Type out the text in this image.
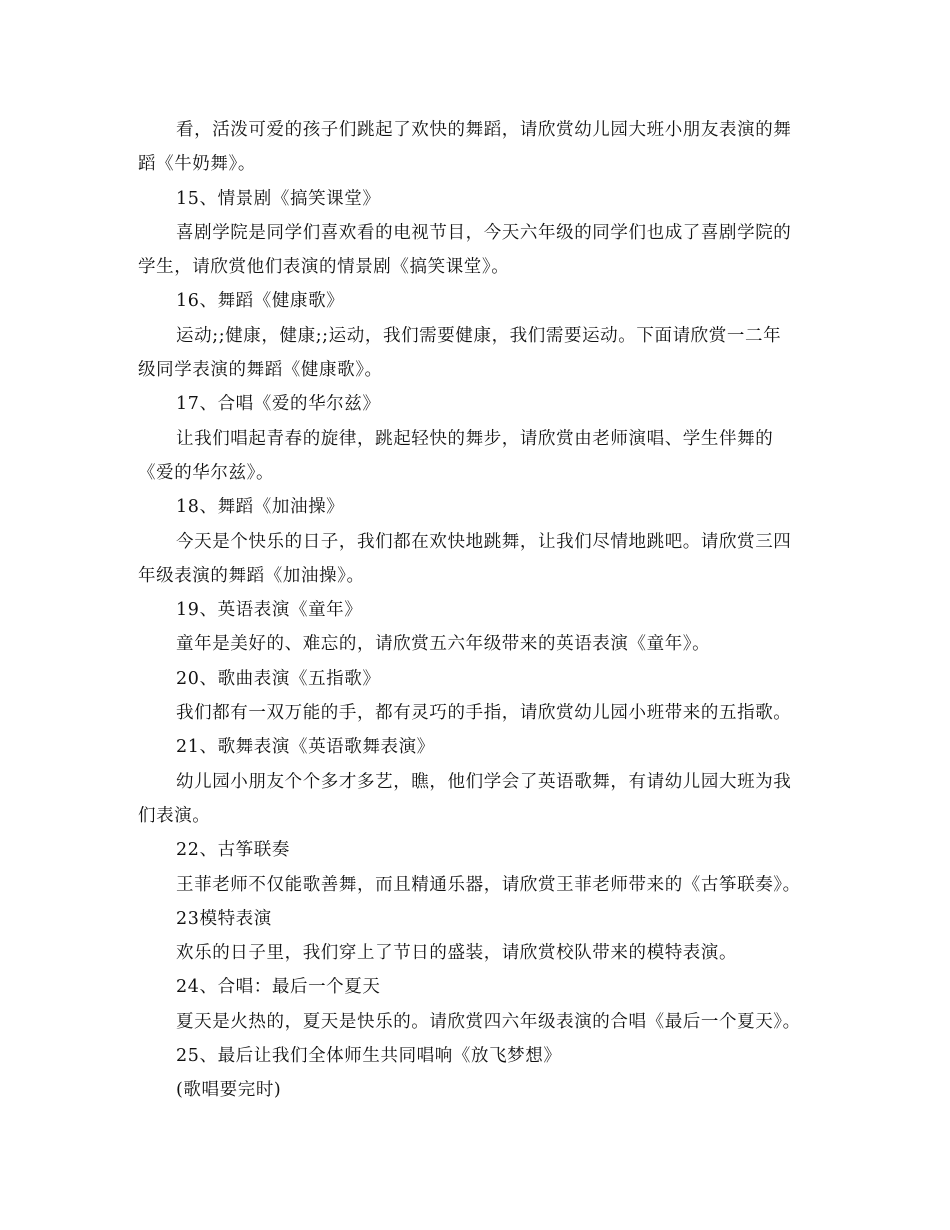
看，活泼可爱的孩子们跳起了欢快的舞蹈，请欣赏幼儿园大班小朋友表演的舞
蹈《牛奶舞》。
15、情景剧《搞笑课堂》
喜剧学院是同学们喜欢看的电视节目，今天六年级的同学们也成了喜剧学院的
学生，请欣赏他们表演的情景剧《搞笑课堂》。
16、舞蹈《健康歌》
运动;;健康，健康;;运动，我们需要健康，我们需要运动。下面请欣赏一二年
级同学表演的舞蹈《健康歌》。
17、合唱《爱的华尔兹》
让我们唱起青春的旋律，跳起轻快的舞步，请欣赏由老师演唱、学生伴舞的
《爱的华尔兹》。
18、舞蹈《加油操》
今天是个快乐的日子，我们都在欢快地跳舞，让我们尽情地跳吧。请欣赏三四
年级表演的舞蹈《加油操》。
19、英语表演《童年》
童年是美好的、难忘的，请欣赏五六年级带来的英语表演《童年》。
20、歌曲表演《五指歌》
我们都有一双万能的手，都有灵巧的手指，请欣赏幼儿园小班带来的五指歌。
21、歌舞表演《英语歌舞表演》
幼儿园小朋友个个多才多艺，瞧，他们学会了英语歌舞，有请幼儿园大班为我
们表演。
22、古筝联奏
王菲老师不仅能歌善舞，而且精通乐器，请欣赏王菲老师带来的《古筝联奏》。
23模特表演
欢乐的日子里，我们穿上了节日的盛装，请欣赏校队带来的模特表演。
24、合唱：最后一个夏天
夏天是火热的，夏天是快乐的。请欣赏四六年级表演的合唱《最后一个夏天》。
25、最后让我们全体师生共同唱响《放飞梦想》
(歌唱要完时)
